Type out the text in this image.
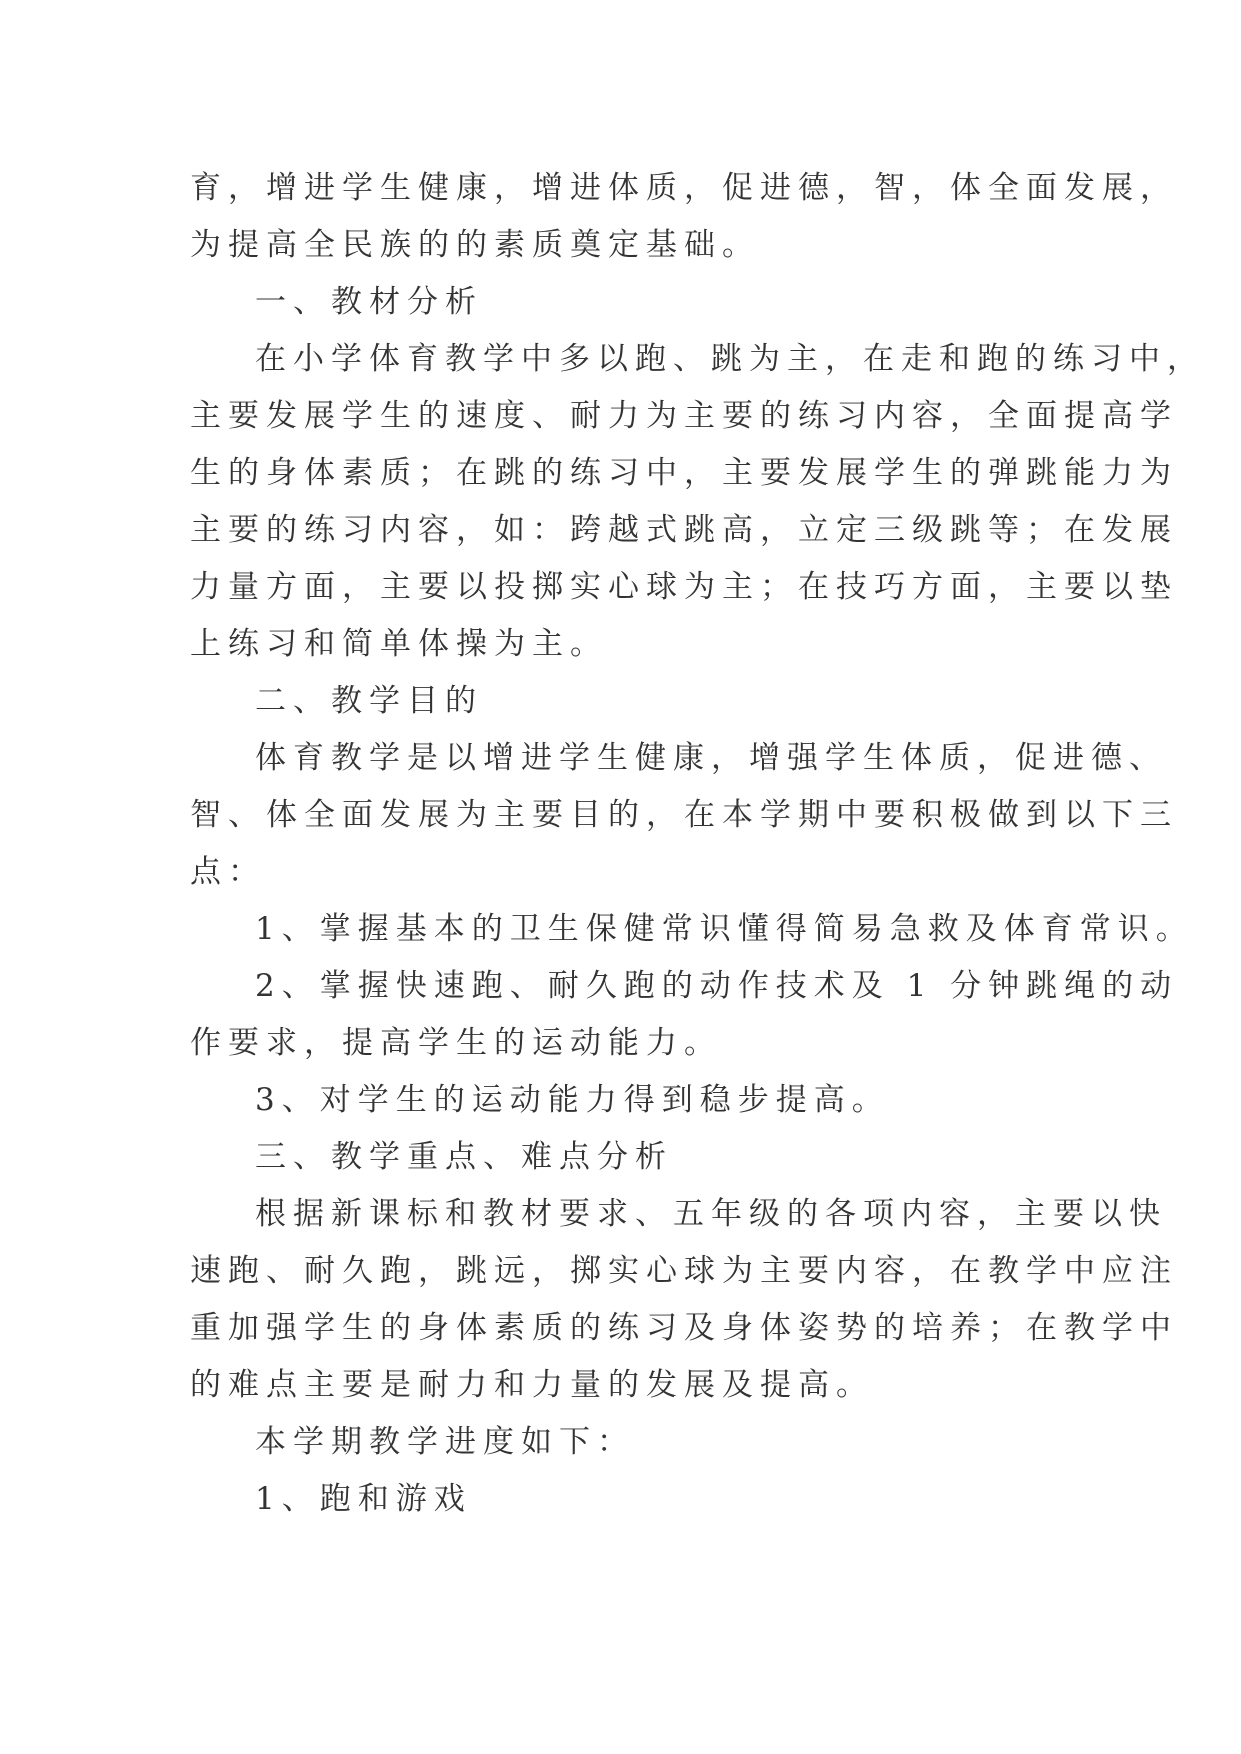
育，增进学生健康，增进体质，促进德，智，体全面发展，
为提高全民族的的素质奠定基础。
一、教材分析
在小学体育教学中多以跑、跳为主，在走和跑的练习中，
主要发展学生的速度、耐力为主要的练习内容，全面提高学
生的身体素质；在跳的练习中，主要发展学生的弹跳能力为
主要的练习内容，如：跨越式跳高，立定三级跳等；在发展
力量方面，主要以投掷实心球为主；在技巧方面，主要以垫
上练习和简单体操为主。
二、教学目的
体育教学是以增进学生健康，增强学生体质，促进德、
智、体全面发展为主要目的，在本学期中要积极做到以下三
点：
1、掌握基本的卫生保健常识懂得简易急救及体育常识。
2、掌握快速跑、耐久跑的动作技术及 1 分钟跳绳的动
作要求，提高学生的运动能力。
3、对学生的运动能力得到稳步提高。
三、教学重点、难点分析
根据新课标和教材要求、五年级的各项内容，主要以快
速跑、耐久跑，跳远，掷实心球为主要内容，在教学中应注
重加强学生的身体素质的练习及身体姿势的培养；在教学中
的难点主要是耐力和力量的发展及提高。
本学期教学进度如下：
1、跑和游戏
